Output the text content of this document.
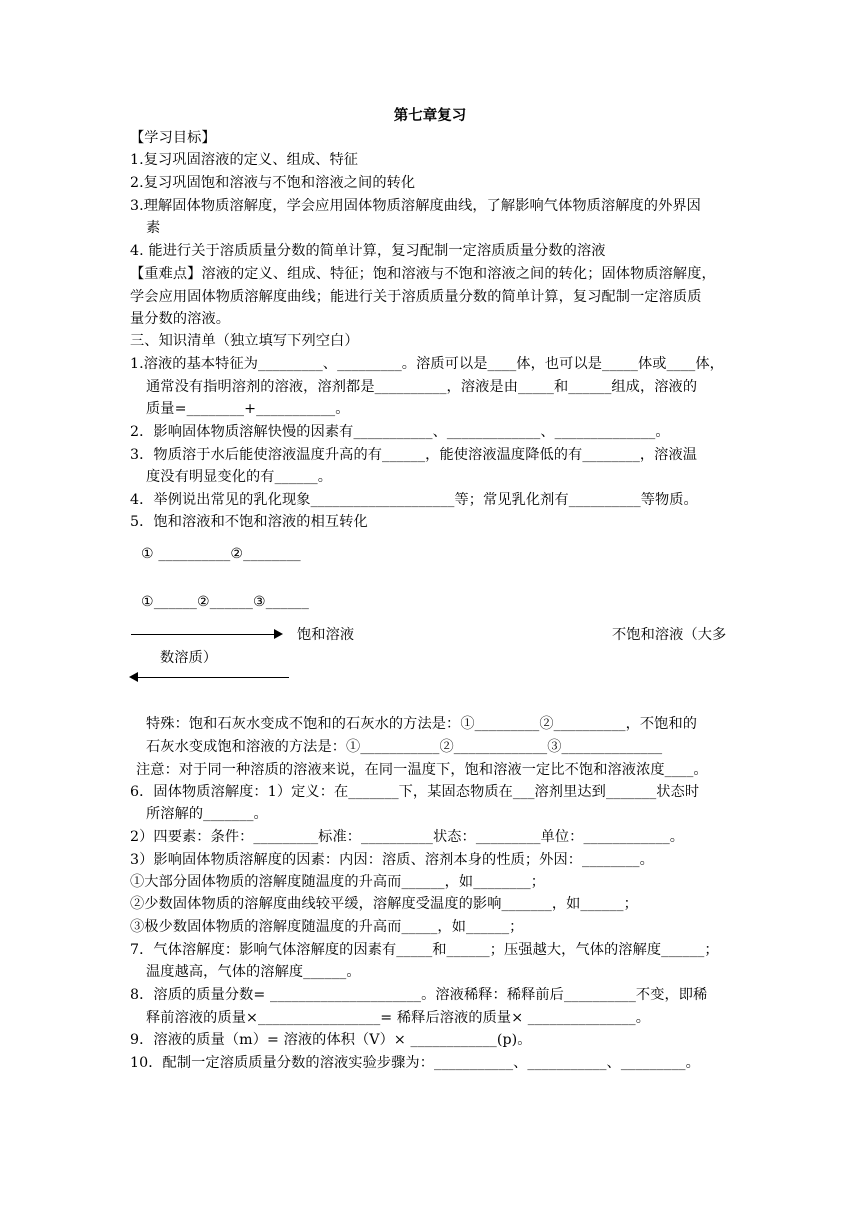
第七章复习
【学习目标】
1.复习巩固溶液的定义、组成、特征
2.复习巩固饱和溶液与不饱和溶液之间的转化
3.理解固体物质溶解度，学会应用固体物质溶解度曲线，了解影响气体物质溶解度的外界因
素
4. 能进行关于溶质质量分数的简单计算，复习配制一定溶质质量分数的溶液
【重难点】溶液的定义、组成、特征；饱和溶液与不饱和溶液之间的转化；固体物质溶解度，
学会应用固体物质溶解度曲线；能进行关于溶质质量分数的简单计算，复习配制一定溶质质
量分数的溶液。
三、知识清单（独立填写下列空白）
1.溶液的基本特征为_________、_________。溶质可以是____体，也可以是_____体或____体，
通常没有指明溶剂的溶液，溶剂都是__________，溶液是由_____和______组成，溶液的
质量=________+___________。
2．影响固体物质溶解快慢的因素有___________、_____________、______________。
3．物质溶于水后能使溶液温度升高的有______，能使溶液温度降低的有________，溶液温
度没有明显变化的有______。
4．举例说出常见的乳化现象____________________等；常见乳化剂有__________等物质。
5．饱和溶液和不饱和溶液的相互转化
① __________②________
①______②______③______
饱和溶液	不饱和溶液（大多
数溶质）
特殊：饱和石灰水变成不饱和的石灰水的方法是：①_________②__________，不饱和的
石灰水变成饱和溶液的方法是：①___________②_____________③______________
注意：对于同一种溶质的溶液来说，在同一温度下，饱和溶液一定比不饱和溶液浓度____。
6．固体物质溶解度：1）定义：在_______下，某固态物质在___溶剂里达到_______状态时
所溶解的_______。
2）四要素：条件：_________标准：__________状态：_________单位：____________。
3）影响固体物质溶解度的因素：内因：溶质、溶剂本身的性质；外因：________。
①大部分固体物质的溶解度随温度的升高而______，如________；
②少数固体物质的溶解度曲线较平缓，溶解度受温度的影响_______，如______；
③极少数固体物质的溶解度随温度的升高而_____，如______；
7．气体溶解度：影响气体溶解度的因素有_____和______；压强越大，气体的溶解度______；
温度越高，气体的溶解度______。
8．溶质的质量分数= _____________________。溶液稀释：稀释前后__________不变，即稀
释前溶液的质量×_________________= 稀释后溶液的质量× _______________。
9．溶液的质量（m）= 溶液的体积（V）× ____________(p)。
10．配制一定溶质质量分数的溶液实验步骤为：___________、___________、_________。
